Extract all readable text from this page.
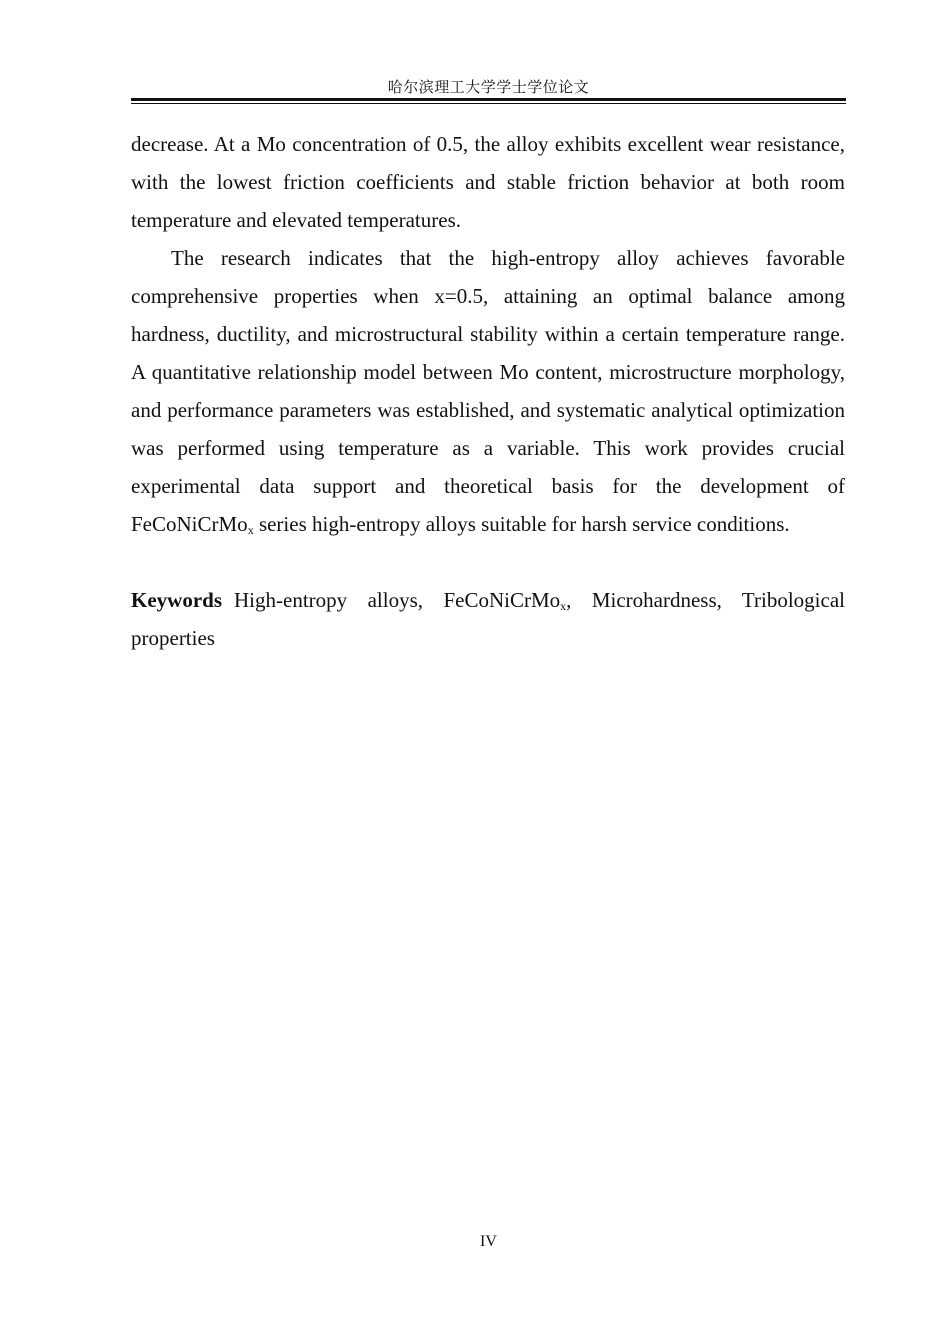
哈尔滨理工大学学士学位论文

decrease. At a Mo concentration of 0.5, the alloy exhibits excellent wear resistance, with the lowest friction coefficients and stable friction behavior at both room temperature and elevated temperatures.

The research indicates that the high-entropy alloy achieves favorable comprehensive properties when x=0.5, attaining an optimal balance among hardness, ductility, and microstructural stability within a certain temperature range. A quantitative relationship model between Mo content, microstructure morphology, and performance parameters was established, and systematic analytical optimization was performed using temperature as a variable. This work provides crucial experimental data support and theoretical basis for the development of FeCoNiCrMo$_x$ series high-entropy alloys suitable for harsh service conditions.

Keywords High-entropy alloys, FeCoNiCrMo$_x$, Microhardness, Tribological properties

IV
